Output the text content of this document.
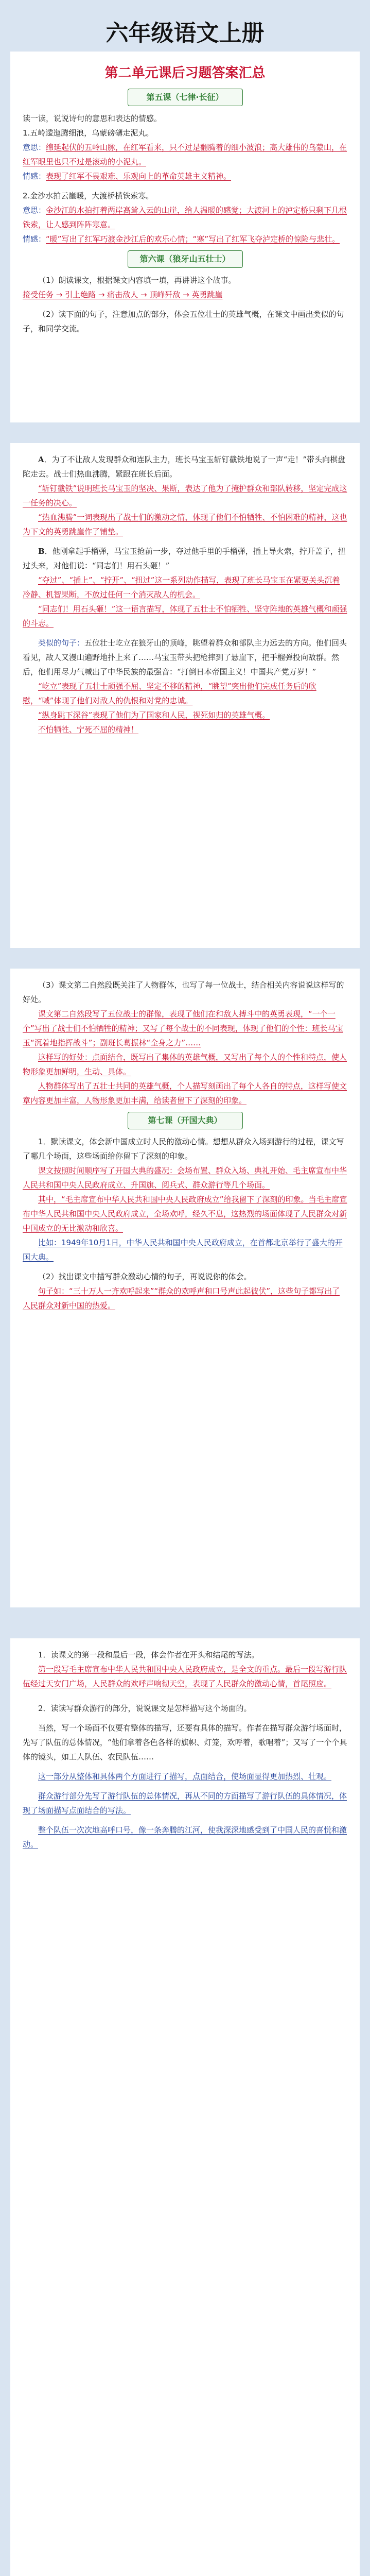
六年级语文上册
第二单元课后习题答案汇总
第五课（七律·长征）

读一读，说说诗句的意思和表达的情感。

1.五岭逶迤腾细浪，乌蒙磅礴走泥丸。

意思：绵延起伏的五岭山脉，在红军看来，只不过是翻腾着的细小波浪；高大雄伟的乌蒙山，在红军眼里也只不过是滚动的小泥丸。

情感：表现了红军不畏艰难、乐观向上的革命英雄主义精神。

2.金沙水拍云崖暖，大渡桥横铁索寒。

意思：金沙江的水拍打着两岸高耸入云的山崖，给人温暖的感觉；大渡河上的泸定桥只剩下几根铁索，让人感到阵阵寒意。

情感：“暖”写出了红军巧渡金沙江后的欢乐心情；“寒”写出了红军飞夺泸定桥的惊险与悲壮。

第六课（狼牙山五壮士）

（1）朗读课文，根据课文内容填一填，再讲讲这个故事。

接受任务 → 引上绝路 → 痛击敌人 → 顶峰歼敌 → 英勇跳崖

（2）读下面的句子，注意加点的部分，体会五位壮士的英雄气概，在课文中画出类似的句子，和同学交流。

A．为了不让敌人发现群众和连队主力，班长马宝玉斩钉截铁地说了一声“走！”带头向棋盘陀走去。战士们热血沸腾，紧跟在班长后面。

“斩钉截铁”说明班长马宝玉的坚决、果断，表达了他为了掩护群众和部队转移，坚定完成这一任务的决心。

“热血沸腾”一词表现出了战士们的激动之情，体现了他们不怕牺牲、不怕困难的精神，这也为下文的英勇跳崖作了铺垫。

B．他刚拿起手榴弹，马宝玉抢前一步，夺过他手里的手榴弹，插上导火索，拧开盖子，扭过头来，对他们说：“同志们！用石头砸！”

“夺过”、“插上”、“拧开”、“扭过”这一系列动作描写，表现了班长马宝玉在紧要关头沉着冷静、机智果断，不放过任何一个消灭敌人的机会。

“同志们！用石头砸！”这一语言描写，体现了五壮士不怕牺牲、坚守阵地的英雄气概和顽强的斗志。

类似的句子：五位壮士屹立在狼牙山的顶峰，眺望着群众和部队主力远去的方向。他们回头看见，敌人又漫山遍野地扑上来了……马宝玉带头把枪摔到了悬崖下，把手榴弹投向敌群。然后，他们用尽力气喊出了中华民族的最强音：“打倒日本帝国主义！中国共产党万岁！”

“屹立”表现了五壮士顽强不屈、坚定不移的精神，“眺望”突出他们完成任务后的欣慰，“喊”体现了他们对敌人的仇恨和对党的忠诚。

“纵身跳下深谷”表现了他们为了国家和人民，视死如归的英雄气概。

不怕牺牲、宁死不屈的精神！

（3）课文第二自然段既关注了人物群体，也写了每一位战士，结合相关内容说说这样写的好处。

课文第二自然段写了五位战士的群像，表现了他们在和敌人搏斗中的英勇表现，“一个一个”写出了战士们不怕牺牲的精神；又写了每个战士的不同表现，体现了他们的个性：班长马宝玉“沉着地指挥战斗”；副班长葛振林“全身之力”……

这样写的好处：点面结合，既写出了集体的英雄气概，又写出了每个人的个性和特点，使人物形象更加鲜明，生动、具体。

人物群体写出了五壮士共同的英雄气概，个人描写刻画出了每个人各自的特点，这样写使文章内容更加丰富，人物形象更加丰满，给读者留下了深刻的印象。

第七课（开国大典）

1．默读课文，体会新中国成立时人民的激动心情。想想从群众入场到游行的过程，课文写了哪几个场面，这些场面给你留下了深刻的印象。

课文按照时间顺序写了开国大典的盛况：会场布置、群众入场、典礼开始、毛主席宣布中华人民共和国中央人民政府成立、升国旗、阅兵式、群众游行等几个场面。

其中，“毛主席宣布中华人民共和国中央人民政府成立”给我留下了深刻的印象。当毛主席宣布中华人民共和国中央人民政府成立，全场欢呼，经久不息，这热烈的场面体现了人民群众对新中国成立的无比激动和欣喜。

比如：1949年10月1日，中华人民共和国中央人民政府成立，在首都北京举行了盛大的开国大典。

（2）找出课文中描写群众激动心情的句子，再说说你的体会。

句子如：“三十万人一齐欢呼起来”“群众的欢呼声和口号声此起彼伏”，这些句子都写出了人民群众对新中国的热爱。

1．读课文的第一段和最后一段，体会作者在开头和结尾的写法。

第一段写毛主席宣布中华人民共和国中央人民政府成立，是全文的重点。最后一段写游行队伍经过天安门广场，人民群众的欢呼声响彻天空，表现了人民群众的激动心情，首尾照应。

2．读读写群众游行的部分，说说课文是怎样描写这个场面的。

当然，写一个场面不仅要有整体的描写，还要有具体的描写。作者在描写群众游行场面时，先写了队伍的总体情况，“他们拿着各色各样的旗帜、灯笼，欢呼着，歌唱着”；又写了一个个具体的镜头，如工人队伍、农民队伍……

这一部分从整体和具体两个方面进行了描写，点面结合，使场面显得更加热烈、壮观。

群众游行部分先写了游行队伍的总体情况，再从不同的方面描写了游行队伍的具体情况，体现了场面描写点面结合的写法。

整个队伍一次次地高呼口号，像一条奔腾的江河，使我深深地感受到了中国人民的喜悦和激动。
